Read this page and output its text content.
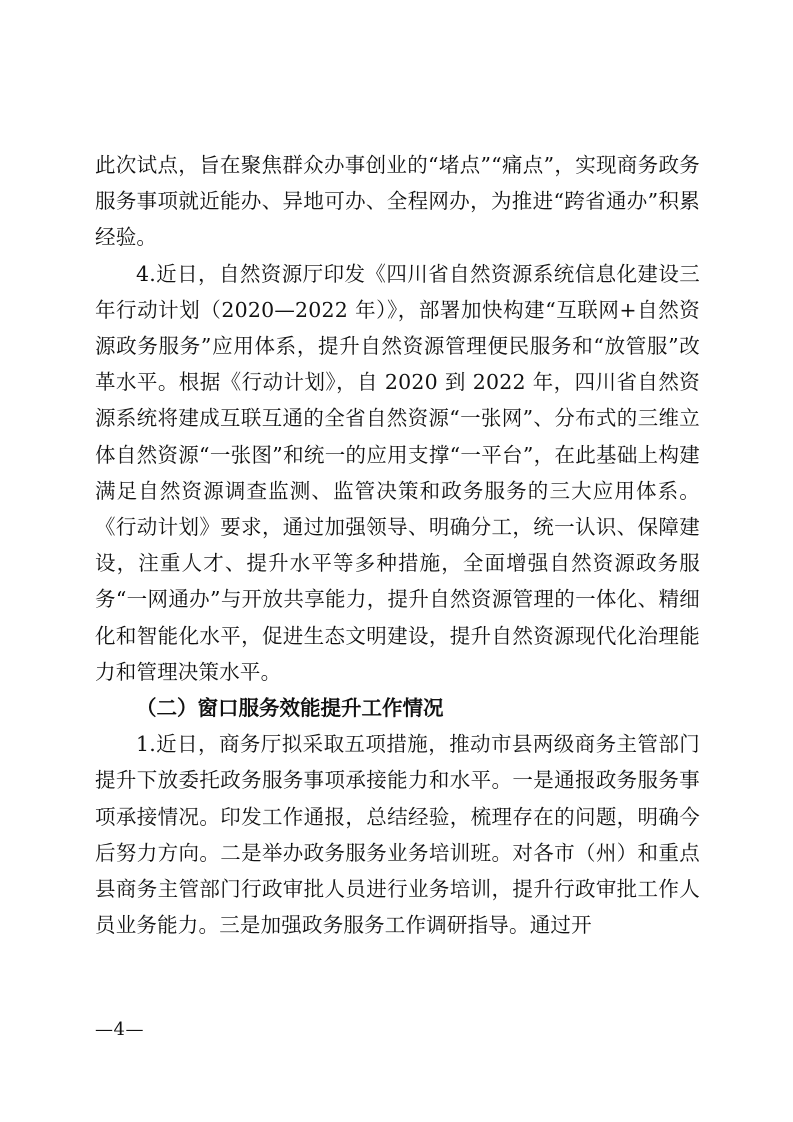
此次试点，旨在聚焦群众办事创业的“堵点”“痛点”，实现商务政务服务事项就近能办、异地可办、全程网办，为推进“跨省通办”积累经验。

4.近日，自然资源厅印发《四川省自然资源系统信息化建设三年行动计划（2020—2022 年）》，部署加快构建“互联网+自然资源政务服务”应用体系，提升自然资源管理便民服务和“放管服”改革水平。根据《行动计划》，自 2020 到 2022 年，四川省自然资源系统将建成互联互通的全省自然资源“一张网”、分布式的三维立体自然资源“一张图”和统一的应用支撑“一平台”，在此基础上构建满足自然资源调查监测、监管决策和政务服务的三大应用体系。《行动计划》要求，通过加强领导、明确分工，统一认识、保障建设，注重人才、提升水平等多种措施，全面增强自然资源政务服务“一网通办”与开放共享能力，提升自然资源管理的一体化、精细化和智能化水平，促进生态文明建设，提升自然资源现代化治理能力和管理决策水平。

（二）窗口服务效能提升工作情况

1.近日，商务厅拟采取五项措施，推动市县两级商务主管部门提升下放委托政务服务事项承接能力和水平。一是通报政务服务事项承接情况。印发工作通报，总结经验，梳理存在的问题，明确今后努力方向。二是举办政务服务业务培训班。对各市（州）和重点县商务主管部门行政审批人员进行业务培训，提升行政审批工作人员业务能力。三是加强政务服务工作调研指导。通过开

—4—
